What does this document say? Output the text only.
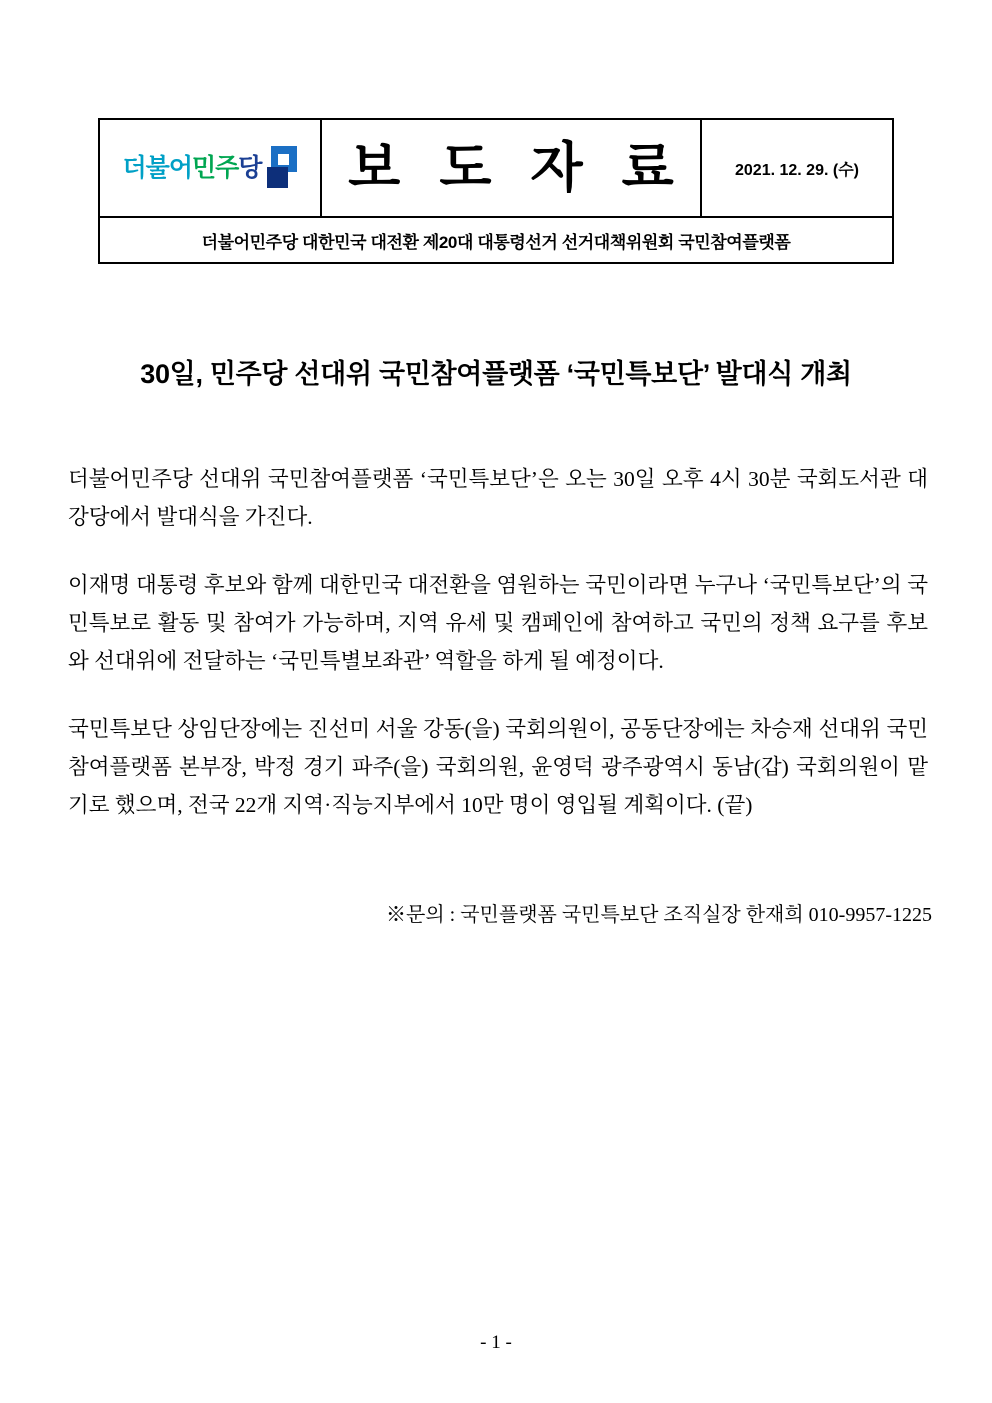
더불어민주당 보 도 자 료	2021. 12. 29. (수)
더불어민주당 대한민국 대전환 제20대 대통령선거 선거대책위원회 국민참여플랫폼
30일, 민주당 선대위 국민참여플랫폼 ‘국민특보단’ 발대식 개최

더불어민주당 선대위 국민참여플랫폼 ‘국민특보단’은 오는 30일 오후 4시 30분 국회도서관 대강당에서 발대식을 가진다.

이재명 대통령 후보와 함께 대한민국 대전환을 염원하는 국민이라면 누구나 ‘국민특보단’의 국민특보로 활동 및 참여가 가능하며, 지역 유세 및 캠페인에 참여하고 국민의 정책 요구를 후보와 선대위에 전달하는 ‘국민특별보좌관’ 역할을 하게 될 예정이다.

국민특보단 상임단장에는 진선미 서울 강동(을) 국회의원이, 공동단장에는 차승재 선대위 국민참여플랫폼 본부장, 박정 경기 파주(을) 국회의원, 윤영덕 광주광역시 동남(갑) 국회의원이 맡기로 했으며, 전국 22개 지역·직능지부에서 10만 명이 영입될 계획이다. (끝)

※문의 : 국민플랫폼 국민특보단 조직실장 한재희 010-9957-1225
- 1 -
